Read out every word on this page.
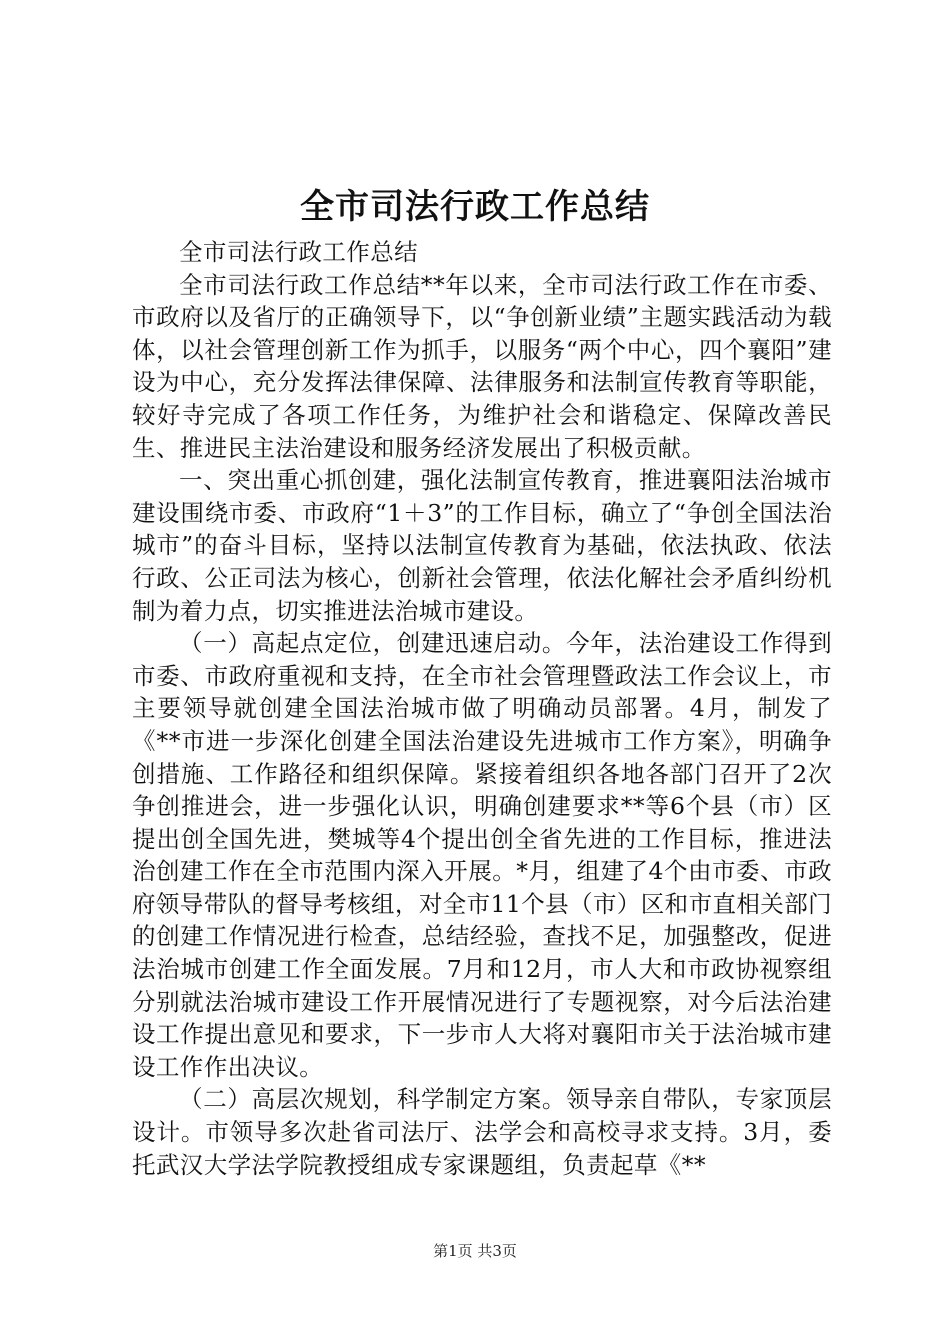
全市司法行政工作总结

全市司法行政工作总结

全市司法行政工作总结**年以来，全市司法行政工作在市委、市政府以及省厅的正确领导下，以“争创新业绩”主题实践活动为载体，以社会管理创新工作为抓手，以服务“两个中心，四个襄阳”建设为中心，充分发挥法律保障、法律服务和法制宣传教育等职能，较好寺完成了各项工作任务，为维护社会和谐稳定、保障改善民生、推进民主法治建设和服务经济发展出了积极贡献。

一、突出重心抓创建，强化法制宣传教育，推进襄阳法治城市建设围绕市委、市政府“1＋3”的工作目标，确立了“争创全国法治城市”的奋斗目标，坚持以法制宣传教育为基础，依法执政、依法行政、公正司法为核心，创新社会管理，依法化解社会矛盾纠纷机制为着力点，切实推进法治城市建设。

（一）高起点定位，创建迅速启动。今年，法治建设工作得到市委、市政府重视和支持，在全市社会管理暨政法工作会议上，市主要领导就创建全国法治城市做了明确动员部署。4月，制发了《**市进一步深化创建全国法治建设先进城市工作方案》，明确争创措施、工作路径和组织保障。紧接着组织各地各部门召开了2次争创推进会，进一步强化认识，明确创建要求**等6个县（市）区提出创全国先进，樊城等4个提出创全省先进的工作目标，推进法治创建工作在全市范围内深入开展。*月，组建了4个由市委、市政府领导带队的督导考核组，对全市11个县（市）区和市直相关部门的创建工作情况进行检查，总结经验，查找不足，加强整改，促进法治城市创建工作全面发展。7月和12月，市人大和市政协视察组分别就法治城市建设工作开展情况进行了专题视察，对今后法治建设工作提出意见和要求，下一步市人大将对襄阳市关于法治城市建设工作作出决议。

（二）高层次规划，科学制定方案。领导亲自带队，专家顶层设计。市领导多次赴省司法厅、法学会和高校寻求支持。3月，委托武汉大学法学院教授组成专家课题组，负责起草《**

第1页 共3页
